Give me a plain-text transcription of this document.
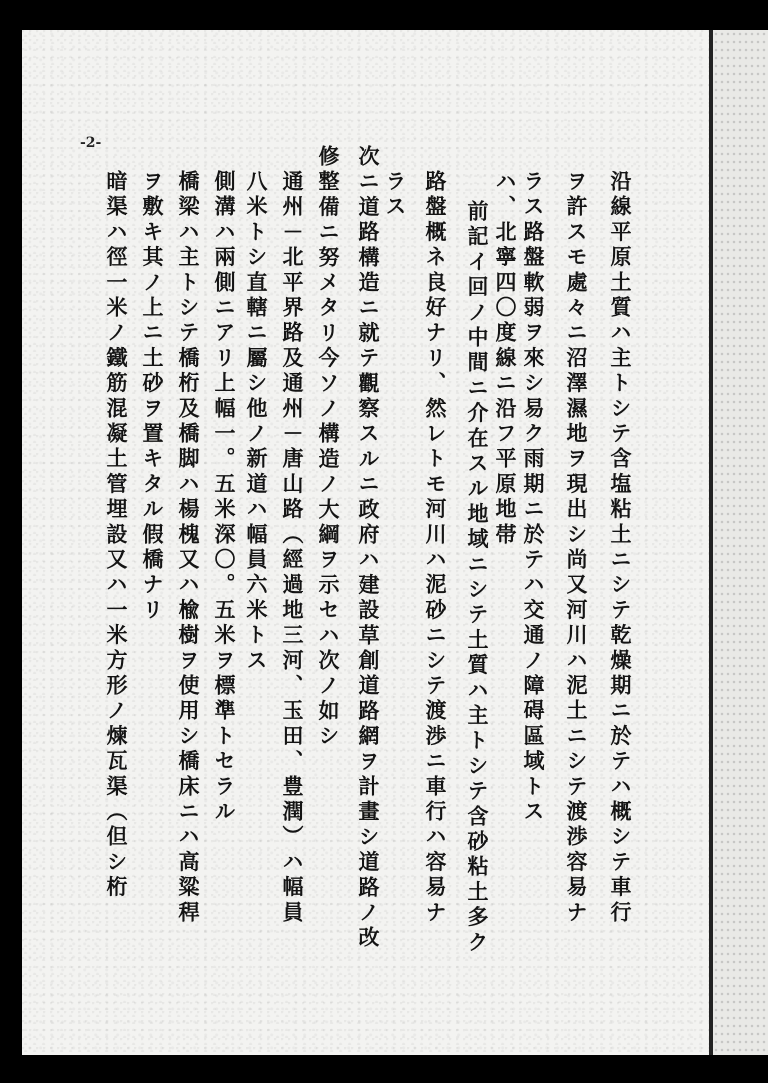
-2-
沿線平原土質ハ主トシテ含塩粘土ニシテ乾燥期ニ於テハ概シテ車行
ヲ許スモ處々ニ沼澤濕地ヲ現出シ尚又河川ハ泥土ニシテ渡渉容易ナ
ラス路盤軟弱ヲ來シ易ク雨期ニ於テハ交通ノ障碍區域トス
ハ、北寧四〇度線ニ沿フ平原地帯
前記イ回ノ中間ニ介在スル地域ニシテ土質ハ主トシテ含砂粘土多ク
路盤概ネ良好ナリ、然レトモ河川ハ泥砂ニシテ渡渉ニ車行ハ容易ナ
ラス
次ニ道路構造ニ就テ觀察スルニ政府ハ建設草創道路網ヲ計畫シ道路ノ改
修整備ニ努メタリ今ソノ構造ノ大綱ヲ示セハ次ノ如シ
通州－北平界路及通州－唐山路（經過地三河、玉田、豊潤）ハ幅員
八米トシ直轄ニ屬シ他ノ新道ハ幅員六米トス
側溝ハ兩側ニアリ上幅一。五米深〇。五米ヲ標準トセラル
橋梁ハ主トシテ橋桁及橋脚ハ楊槐又ハ楡樹ヲ使用シ橋床ニハ高粱稈
ヲ敷キ其ノ上ニ土砂ヲ置キタル假橋ナリ
暗渠ハ徑一米ノ鐵筋混凝土管埋設又ハ一米方形ノ煉瓦渠（但シ桁
